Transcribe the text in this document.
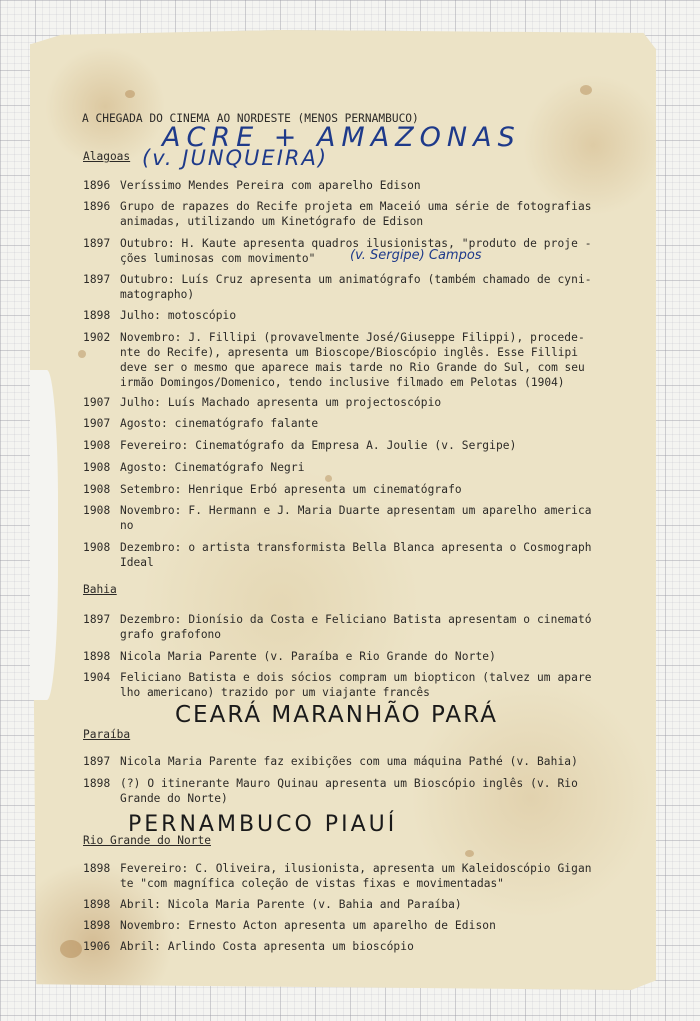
A CHEGADA DO CINEMA AO NORDESTE (MENOS PERNAMBUCO)
ACRE + AMAZONAS
(v. JUNQUEIRA)
(v. Sergipe) Campos
CEARÁ MARANHÃO PARÁ
PERNAMBUCO PIAUÍ
Alagoas
1896 Veríssimo Mendes Pereira com aparelho Edison
1896 Grupo de rapazes do Recife projeta em Maceió uma série de fotografias
animadas, utilizando um Kinetógrafo de Edison
1897 Outubro: H. Kaute apresenta quadros ilusionistas, "produto de proje -
ções luminosas com movimento"
1897 Outubro: Luís Cruz apresenta um animatógrafo (também chamado de cyni-
matographo)
1898 Julho: motoscópio
1902 Novembro: J. Fillipi (provavelmente José/Giuseppe Filippi), procede-
nte do Recife), apresenta um Bioscope/Bioscópio inglês. Esse Fillipi
deve ser o mesmo que aparece mais tarde no Rio Grande do Sul, com seu
irmão Domingos/Domenico, tendo inclusive filmado em Pelotas (1904)
1907 Julho: Luís Machado apresenta um projectoscópio
1907 Agosto: cinematógrafo falante
1908 Fevereiro: Cinematógrafo da Empresa A. Joulie (v. Sergipe)
1908 Agosto: Cinematógrafo Negri
1908 Setembro: Henrique Erbó apresenta um cinematógrafo
1908 Novembro: F. Hermann e J. Maria Duarte apresentam um aparelho america
no
1908 Dezembro: o artista transformista Bella Blanca apresenta o Cosmograph
Ideal
Bahia
1897 Dezembro: Dionísio da Costa e Feliciano Batista apresentam o cinemató
grafo grafofono
1898 Nicola Maria Parente (v. Paraíba e Rio Grande do Norte)
1904 Feliciano Batista e dois sócios compram um biopticon (talvez um apare
lho americano) trazido por um viajante francês
Paraíba
1897 Nicola Maria Parente faz exibições com uma máquina Pathé (v. Bahia)
1898 (?) O itinerante Mauro Quinau apresenta um Bioscópio inglês (v. Rio
Grande do Norte)
Rio Grande do Norte
1898 Fevereiro: C. Oliveira, ilusionista, apresenta um Kaleidoscópio Gigan
te "com magnífica coleção de vistas fixas e movimentadas"
1898 Abril: Nicola Maria Parente (v. Bahia and Paraíba)
1898 Novembro: Ernesto Acton apresenta um aparelho de Edison
1906 Abril: Arlindo Costa apresenta um bioscópio
